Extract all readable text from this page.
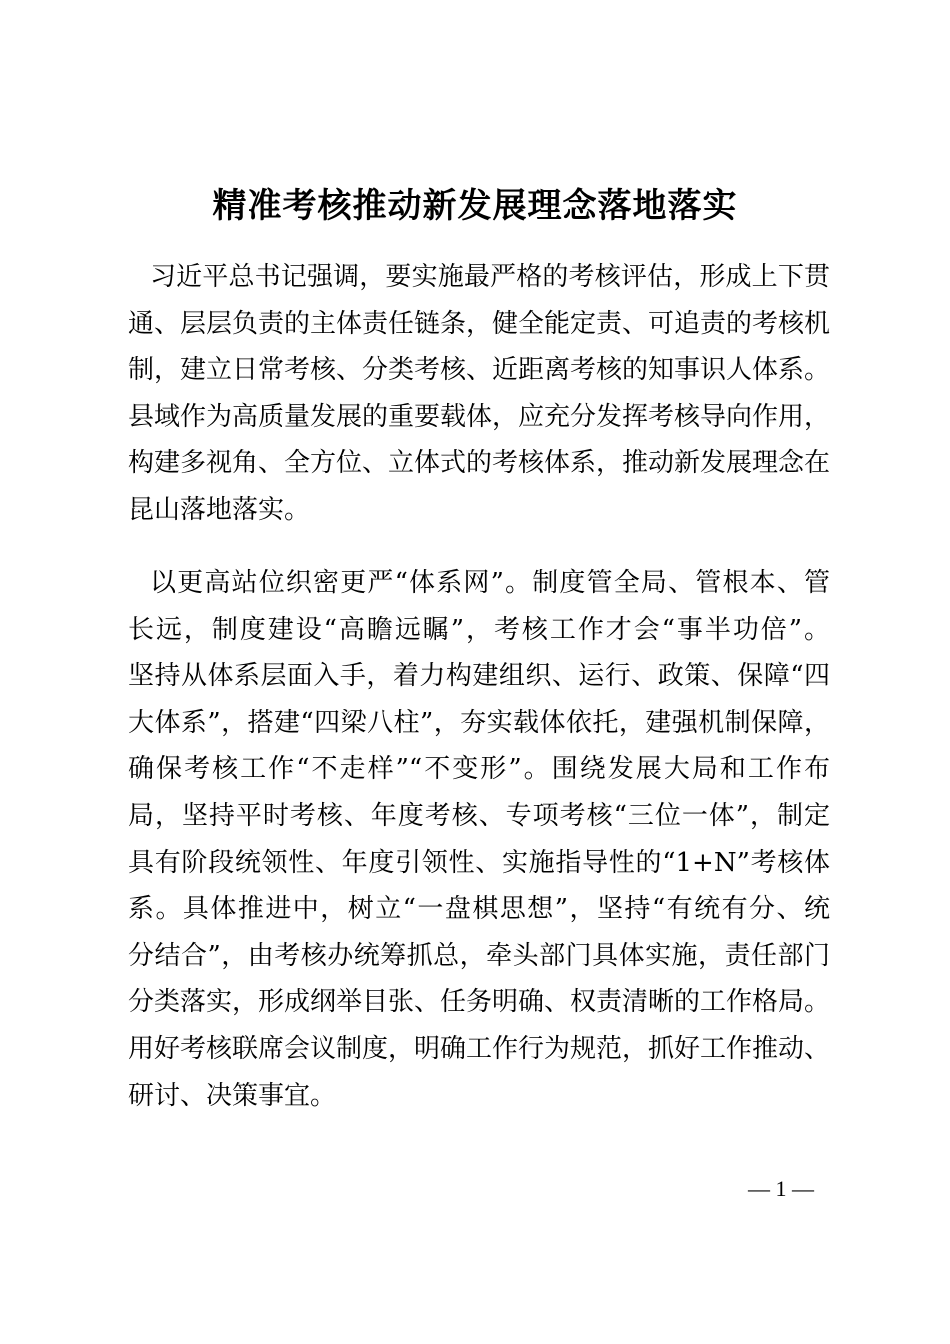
精准考核推动新发展理念落地落实
习近平总书记强调，要实施最严格的考核评估，形成上下贯
通、层层负责的主体责任链条，健全能定责、可追责的考核机
制，建立日常考核、分类考核、近距离考核的知事识人体系。
县域作为高质量发展的重要载体，应充分发挥考核导向作用，
构建多视角、全方位、立体式的考核体系，推动新发展理念在
昆山落地落实。
以更高站位织密更严“体系网”。制度管全局、管根本、管
长远，制度建设“高瞻远瞩”，考核工作才会“事半功倍”。
坚持从体系层面入手，着力构建组织、运行、政策、保障“四
大体系”，搭建“四梁八柱”，夯实载体依托，建强机制保障，
确保考核工作“不走样”“不变形”。围绕发展大局和工作布
局，坚持平时考核、年度考核、专项考核“三位一体”，制定
具有阶段统领性、年度引领性、实施指导性的“1+N”考核体
系。具体推进中，树立“一盘棋思想”，坚持“有统有分、统
分结合”，由考核办统筹抓总，牵头部门具体实施，责任部门
分类落实，形成纲举目张、任务明确、权责清晰的工作格局。
用好考核联席会议制度，明确工作行为规范，抓好工作推动、
研讨、决策事宜。
— 1 —
